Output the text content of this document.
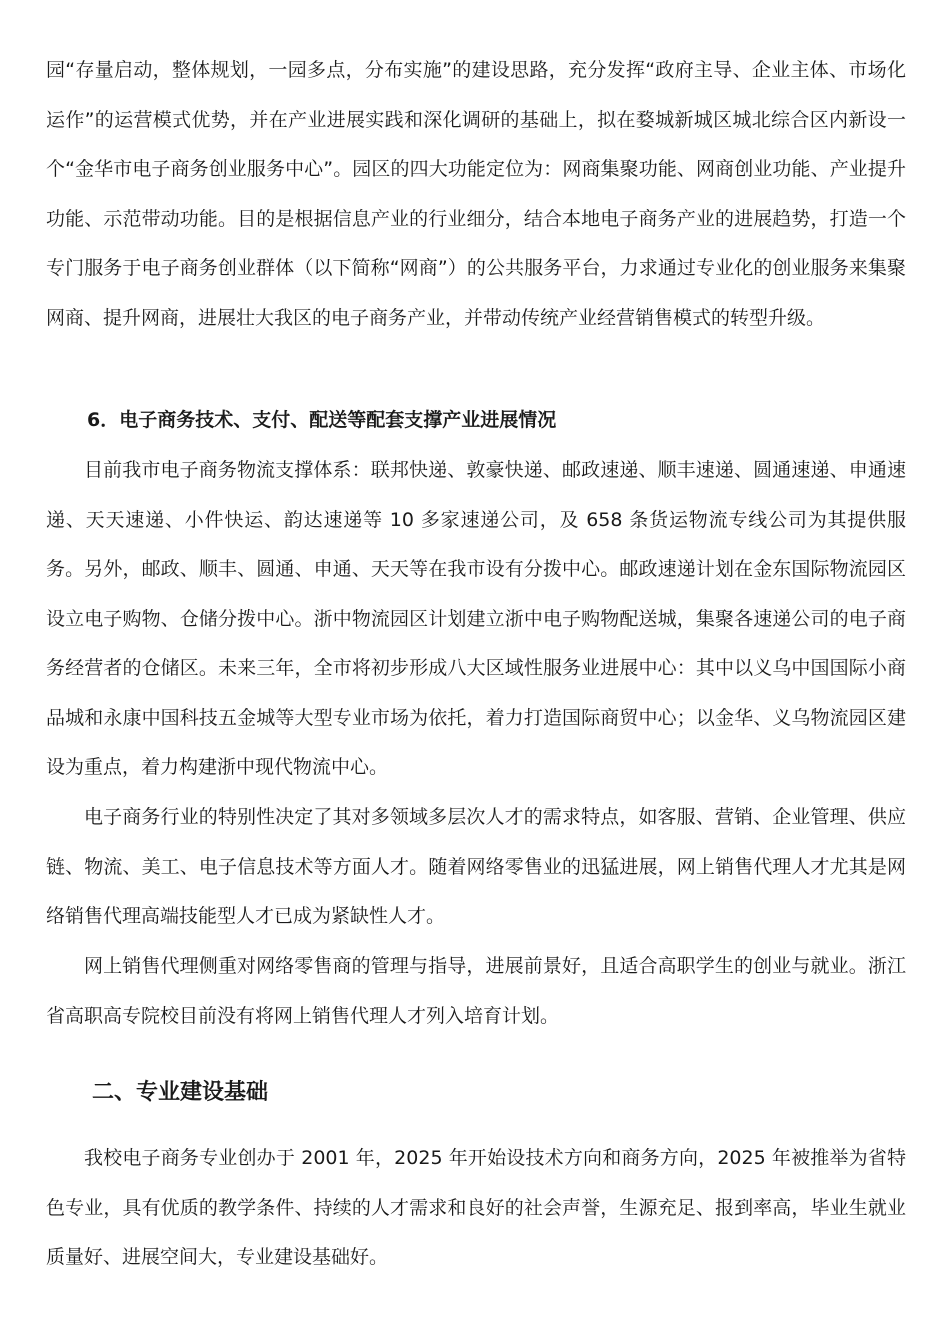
园“存量启动，整体规划，一园多点，分布实施”的建设思路，充分发挥“政府主导、企业主体、市场化运作”的运营模式优势，并在产业进展实践和深化调研的基础上，拟在婺城新城区城北综合区内新设一个“金华市电子商务创业服务中心”。园区的四大功能定位为：网商集聚功能、网商创业功能、产业提升功能、示范带动功能。目的是根据信息产业的行业细分，结合本地电子商务产业的进展趋势，打造一个专门服务于电子商务创业群体（以下简称“网商”）的公共服务平台，力求通过专业化的创业服务来集聚网商、提升网商，进展壮大我区的电子商务产业，并带动传统产业经营销售模式的转型升级。

6．电子商务技术、支付、配送等配套支撑产业进展情况

目前我市电子商务物流支撑体系：联邦快递、敦豪快递、邮政速递、顺丰速递、圆通速递、申通速递、天天速递、小件快运、韵达速递等 10 多家速递公司，及 658 条货运物流专线公司为其提供服务。另外，邮政、顺丰、圆通、申通、天天等在我市设有分拨中心。邮政速递计划在金东国际物流园区设立电子购物、仓储分拨中心。浙中物流园区计划建立浙中电子购物配送城，集聚各速递公司的电子商务经营者的仓储区。未来三年，全市将初步形成八大区域性服务业进展中心：其中以义乌中国国际小商品城和永康中国科技五金城等大型专业市场为依托，着力打造国际商贸中心；以金华、义乌物流园区建设为重点，着力构建浙中现代物流中心。

电子商务行业的特别性决定了其对多领域多层次人才的需求特点，如客服、营销、企业管理、供应链、物流、美工、电子信息技术等方面人才。随着网络零售业的迅猛进展，网上销售代理人才尤其是网络销售代理高端技能型人才已成为紧缺性人才。

网上销售代理侧重对网络零售商的管理与指导，进展前景好，且适合高职学生的创业与就业。浙江省高职高专院校目前没有将网上销售代理人才列入培育计划。

二、专业建设基础

我校电子商务专业创办于 2001 年，2025 年开始设技术方向和商务方向，2025 年被推举为省特色专业，具有优质的教学条件、持续的人才需求和良好的社会声誉，生源充足、报到率高，毕业生就业质量好、进展空间大，专业建设基础好。
